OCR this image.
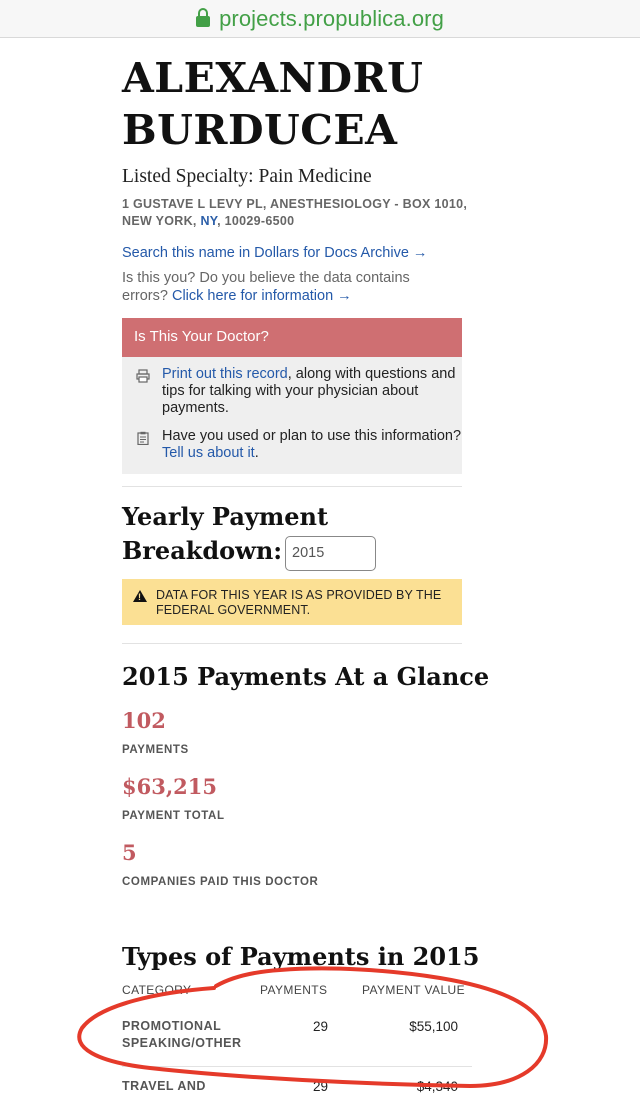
projects.propublica.org
ALEXANDRU
BURDUCEA
Listed Specialty: Pain Medicine
1 GUSTAVE L LEVY PL, ANESTHESIOLOGY - BOX 1010,
NEW YORK, NY, 10029-6500
Search this name in Dollars for Docs Archive →
Is this you? Do you believe the data contains errors? Click here for information →
Is This Your Doctor?
Print out this record, along with questions and tips for talking with your physician about payments.
Have you used or plan to use this information? Tell us about it.
Yearly Payment
Breakdown: 2015
!
DATA FOR THIS YEAR IS AS PROVIDED BY THE FEDERAL GOVERNMENT.
2015 Payments At a Glance
102
PAYMENTS
$63,215
PAYMENT TOTAL
5
COMPANIES PAID THIS DOCTOR
Types of Payments in 2015
CATEGORY	PAYMENTS	PAYMENT VALUE
PROMOTIONAL
SPEAKING/OTHER
29	$55,100
TRAVEL AND	29	$4,340
